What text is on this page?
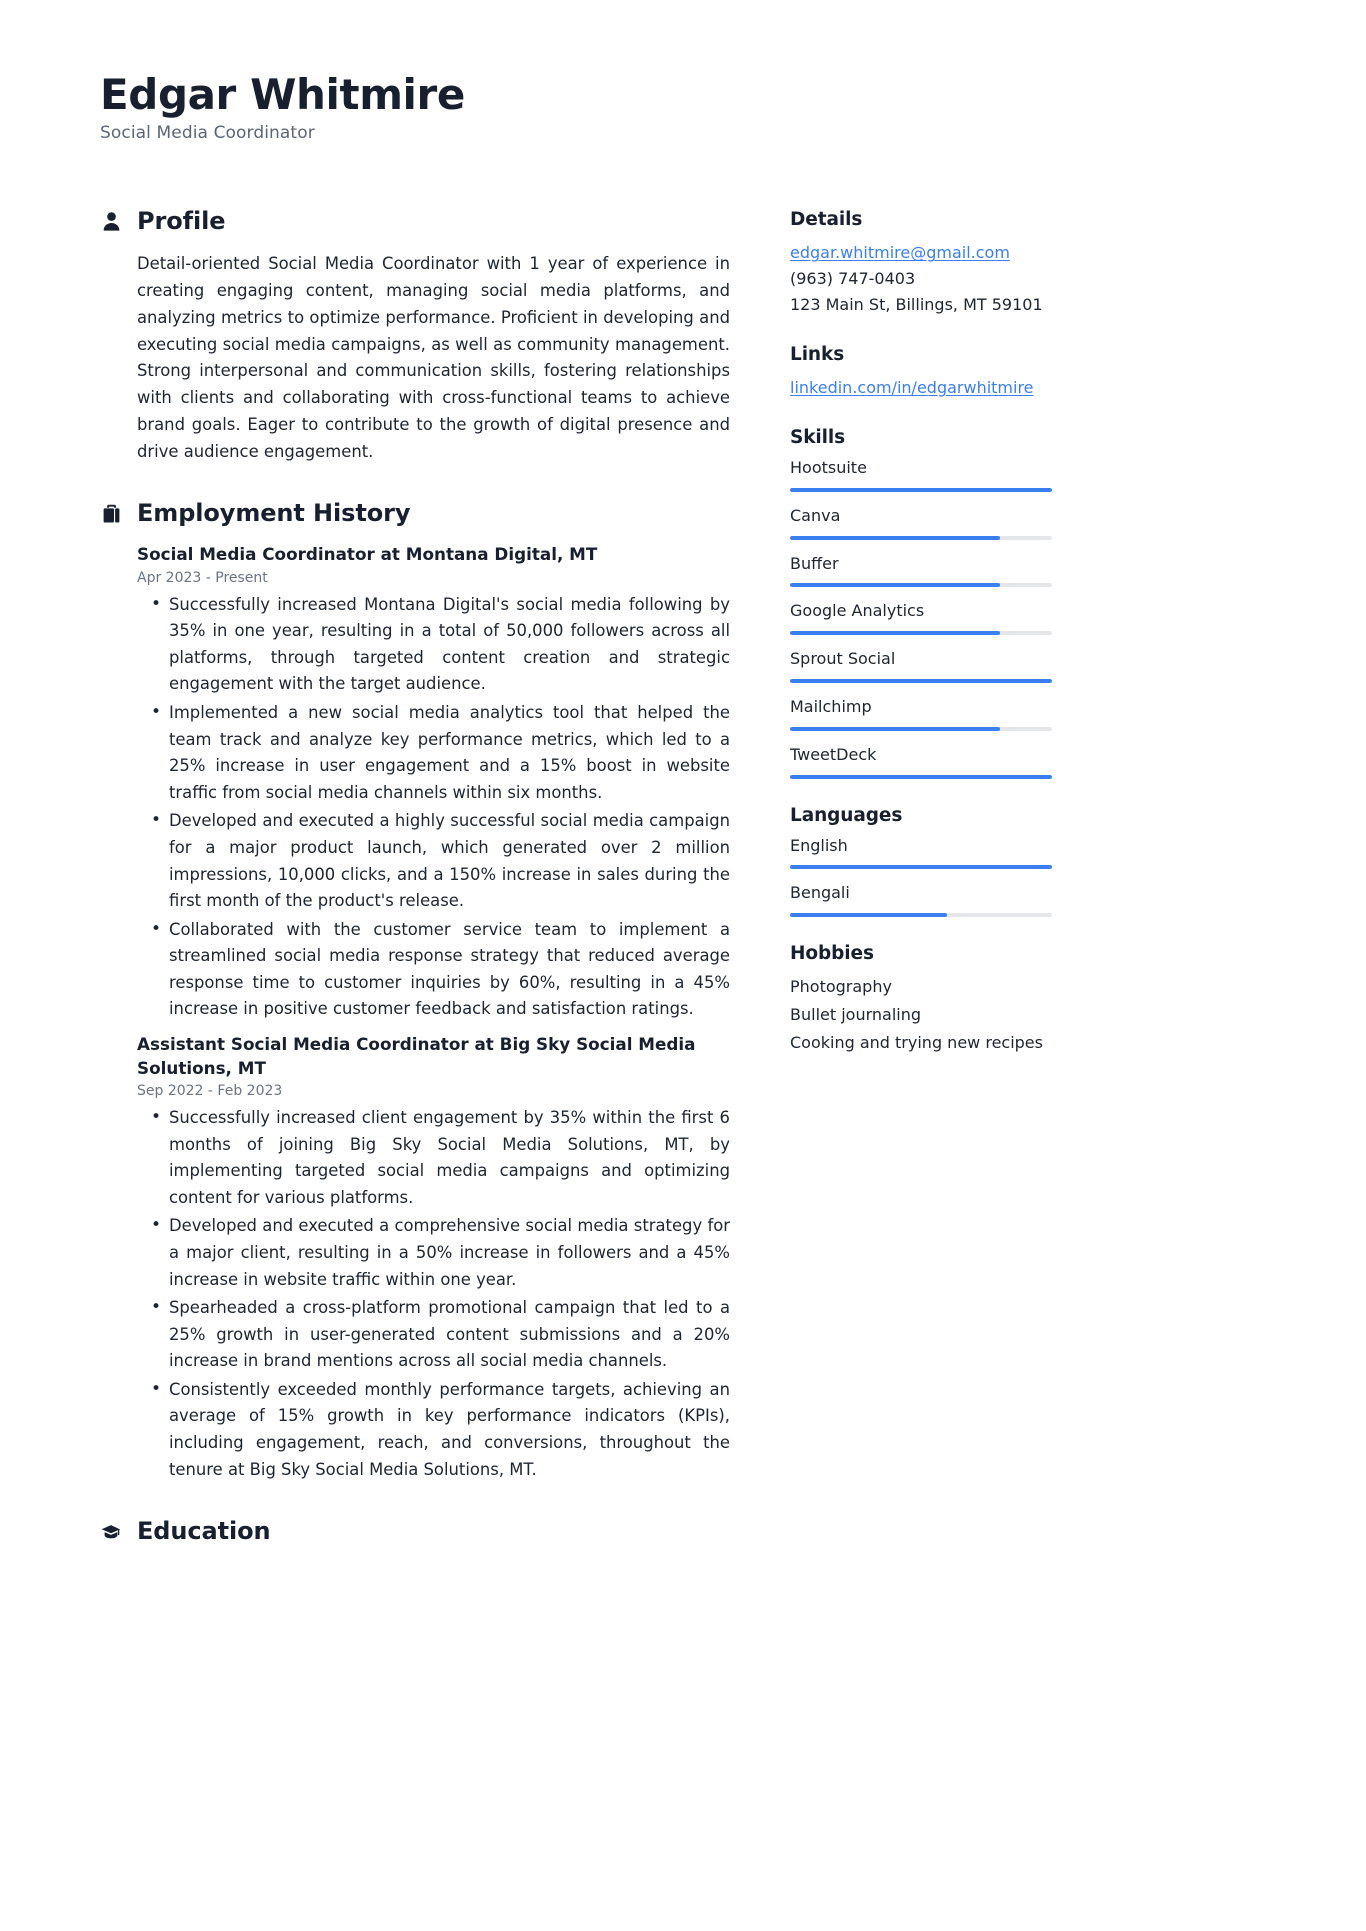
Edgar Whitmire
Social Media Coordinator
Profile

Detail-oriented Social Media Coordinator with 1 year of experience in creating engaging content, managing social media platforms, and analyzing metrics to optimize performance. Proficient in developing and executing social media campaigns, as well as community management. Strong interpersonal and communication skills, fostering relationships with clients and collaborating with cross-functional teams to achieve brand goals. Eager to contribute to the growth of digital presence and drive audience engagement.

Employment History
Social Media Coordinator at Montana Digital, MT
Apr 2023 - Present
• Successfully increased Montana Digital's social media following by 35% in one year, resulting in a total of 50,000 followers across all platforms, through targeted content creation and strategic engagement with the target audience.
• Implemented a new social media analytics tool that helped the team track and analyze key performance metrics, which led to a 25% increase in user engagement and a 15% boost in website traffic from social media channels within six months.
• Developed and executed a highly successful social media campaign for a major product launch, which generated over 2 million impressions, 10,000 clicks, and a 150% increase in sales during the first month of the product's release.
• Collaborated with the customer service team to implement a streamlined social media response strategy that reduced average response time to customer inquiries by 60%, resulting in a 45% increase in positive customer feedback and satisfaction ratings.
Assistant Social Media Coordinator at Big Sky Social Media Solutions, MT
Sep 2022 - Feb 2023
• Successfully increased client engagement by 35% within the first 6 months of joining Big Sky Social Media Solutions, MT, by implementing targeted social media campaigns and optimizing content for various platforms.
• Developed and executed a comprehensive social media strategy for a major client, resulting in a 50% increase in followers and a 45% increase in website traffic within one year.
• Spearheaded a cross-platform promotional campaign that led to a 25% growth in user-generated content submissions and a 20% increase in brand mentions across all social media channels.
• Consistently exceeded monthly performance targets, achieving an average of 15% growth in key performance indicators (KPIs), including engagement, reach, and conversions, throughout the tenure at Big Sky Social Media Solutions, MT.
Education
Details
edgar.whitmire@gmail.com
(963) 747-0403
123 Main St, Billings, MT 59101
Links
linkedin.com/in/edgarwhitmire
Skills
Hootsuite
Canva
Buffer
Google Analytics
Sprout Social
Mailchimp
TweetDeck
Languages
English
Bengali
Hobbies
Photography
Bullet journaling
Cooking and trying new recipes
